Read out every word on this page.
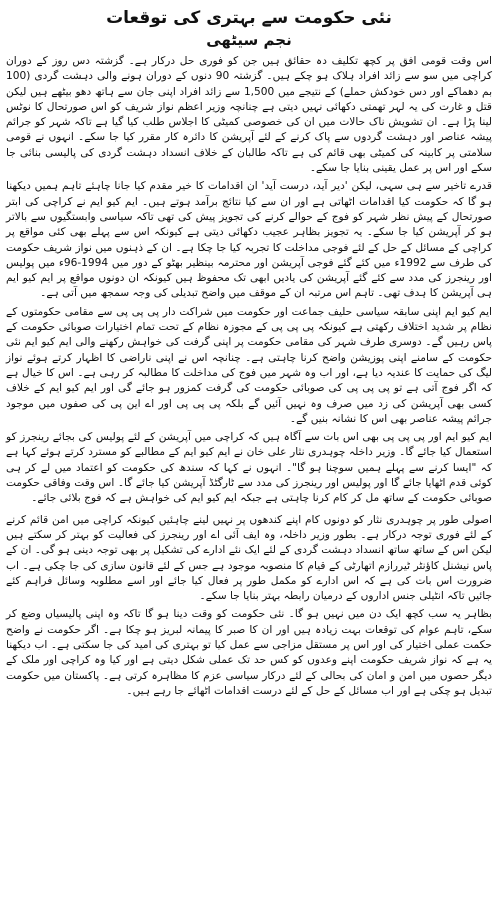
نئی حکومت سے بہتری کی توقعات
نجم سیٹھی

اس وقت قومی افق پر کچھ تکلیف دہ حقائق ہیں جن کو فوری حل درکار ہے۔ گزشتہ دس روز کے دوران کراچی میں سو سے زائد افراد ہلاک ہو چکے ہیں۔ گزشتہ 90 دنوں کے دوران ہونے والی دہشت گردی (100 بم دھماکے اور دس خودکش حملے) کے نتیجے میں 1,500 سے زائد افراد اپنی جان سے ہاتھ دھو بیٹھے ہیں لیکن قتل و غارت کی یہ لہر تھمتی دکھائی نہیں دیتی ہے چنانچہ وزیر اعظم نواز شریف کو اس صورتحال کا نوٹس لینا پڑا ہے۔ ان تشویش ناک حالات میں ان کی خصوصی کمیٹی کا اجلاس طلب کیا گیا ہے تاکہ شہر کو جرائم پیشہ عناصر اور دہشت گردوں سے پاک کرنے کے لئے آپریشن کا دائرہ کار مقرر کیا جا سکے۔ انہوں نے قومی سلامتی پر کابینہ کی کمیٹی بھی قائم کی ہے تاکہ طالبان کے خلاف انسداد دہشت گردی کی پالیسی بنائی جا سکے اور اس پر عمل یقینی بنایا جا سکے۔

قدرے تاخیر سے ہی سہی، لیکن 'دیر آید، درست آید' ان اقدامات کا خیر مقدم کیا جانا چاہئے تاہم ہمیں دیکھنا ہو گا کہ حکومت کیا اقدامات اٹھاتی ہے اور ان سے کیا نتائج برآمد ہوتے ہیں۔ ایم کیو ایم نے کراچی کی ابتر صورتحال کے پیش نظر شہر کو فوج کے حوالے کرنے کی تجویز پیش کی تھی تاکہ سیاسی وابستگیوں سے بالاتر ہو کر آپریشن کیا جا سکے۔ یہ تجویز بظاہر عجیب دکھائی دیتی ہے کیونکہ اس سے پہلے بھی کئی مواقع پر کراچی کے مسائل کے حل کے لئے فوجی مداخلت کا تجربہ کیا جا چکا ہے۔ ان کے ذہنوں میں نواز شریف حکومت کی طرف سے 1992ء میں کئے گئے فوجی آپریشن اور محترمہ بینظیر بھٹو کے دور میں 1994-96ء میں پولیس اور رینجرز کی مدد سے کئے گئے آپریشن کی یادیں ابھی تک محفوظ ہیں کیونکہ ان دونوں مواقع پر ایم کیو ایم ہی آپریشن کا ہدف تھی۔ تاہم اس مرتبہ ان کے موقف میں واضح تبدیلی کی وجہ سمجھ میں آتی ہے۔

ایم کیو ایم اپنی سابقہ سیاسی حلیف جماعت اور حکومت میں شراکت دار پی پی پی سے مقامی حکومتوں کے نظام پر شدید اختلاف رکھتی ہے کیونکہ پی پی پی کے مجوزہ نظام کے تحت تمام اختیارات صوبائی حکومت کے پاس رہیں گے۔ دوسری طرف شہر کی مقامی حکومت پر اپنی گرفت کی خواہش رکھنے والی ایم کیو ایم نئی حکومت کے سامنے اپنی پوزیشن واضح کرنا چاہتی ہے۔ چنانچہ اس نے اپنی ناراضی کا اظہار کرتے ہوئے نواز لیگ کی حمایت کا عندیہ دیا ہے، اور اب وہ شہر میں فوج کی مداخلت کا مطالبہ کر رہی ہے۔ اس کا خیال ہے کہ اگر فوج آتی ہے تو پی پی پی کی صوبائی حکومت کی گرفت کمزور ہو جائے گی اور ایم کیو ایم کے خلاف کسی بھی آپریشن کی زد میں صرف وہ نہیں آئیں گے بلکہ پی پی پی اور اے این پی کی صفوں میں موجود جرائم پیشہ عناصر بھی اس کا نشانہ بنیں گے۔

ایم کیو ایم اور پی پی پی بھی اس بات سے آگاہ ہیں کہ کراچی میں آپریشن کے لئے پولیس کی بجائے رینجرز کو استعمال کیا جائے گا۔ وزیر داخلہ چوہدری نثار علی خان نے ایم کیو ایم کے مطالبے کو مسترد کرتے ہوئے کہا ہے کہ "ایسا کرنے سے پہلے ہمیں سوچنا ہو گا"۔ انہوں نے کہا کہ سندھ کی حکومت کو اعتماد میں لے کر ہی کوئی قدم اٹھایا جائے گا اور پولیس اور رینجرز کی مدد سے ٹارگٹڈ آپریشن کیا جائے گا۔ اس وقت وفاقی حکومت صوبائی حکومت کے ساتھ مل کر کام کرنا چاہتی ہے جبکہ ایم کیو ایم کی خواہش ہے کہ فوج بلائی جائے۔

اصولی طور پر چوہدری نثار کو دونوں کام اپنے کندھوں پر نہیں لینے چاہئیں کیونکہ کراچی میں امن قائم کرنے کے لئے فوری توجہ درکار ہے۔ بطور وزیر داخلہ، وہ ایف آئی اے اور رینجرز کی فعالیت کو بہتر کر سکتے ہیں لیکن اس کے ساتھ ساتھ انسداد دہشت گردی کے لئے ایک نئے ادارے کی تشکیل پر بھی توجہ دینی ہو گی۔ ان کے پاس نیشنل کاؤنٹر ٹیررازم اتھارٹی کے قیام کا منصوبہ موجود ہے جس کے لئے قانون سازی کی جا چکی ہے۔ اب ضرورت اس بات کی ہے کہ اس ادارے کو مکمل طور پر فعال کیا جائے اور اسے مطلوبہ وسائل فراہم کئے جائیں تاکہ انٹیلی جنس اداروں کے درمیان رابطہ بہتر بنایا جا سکے۔

بظاہر یہ سب کچھ ایک دن میں نہیں ہو گا۔ نئی حکومت کو وقت دینا ہو گا تاکہ وہ اپنی پالیسیاں وضع کر سکے، تاہم عوام کی توقعات بہت زیادہ ہیں اور ان کا صبر کا پیمانہ لبریز ہو چکا ہے۔ اگر حکومت نے واضح حکمت عملی اختیار کی اور اس پر مستقل مزاجی سے عمل کیا تو بہتری کی امید کی جا سکتی ہے۔ اب دیکھنا یہ ہے کہ نواز شریف حکومت اپنے وعدوں کو کس حد تک عملی شکل دیتی ہے اور کیا وہ کراچی اور ملک کے دیگر حصوں میں امن و امان کی بحالی کے لئے درکار سیاسی عزم کا مظاہرہ کرتی ہے۔ پاکستان میں حکومت تبدیل ہو چکی ہے اور اب مسائل کے حل کے لئے درست اقدامات اٹھائے جا رہے ہیں۔
